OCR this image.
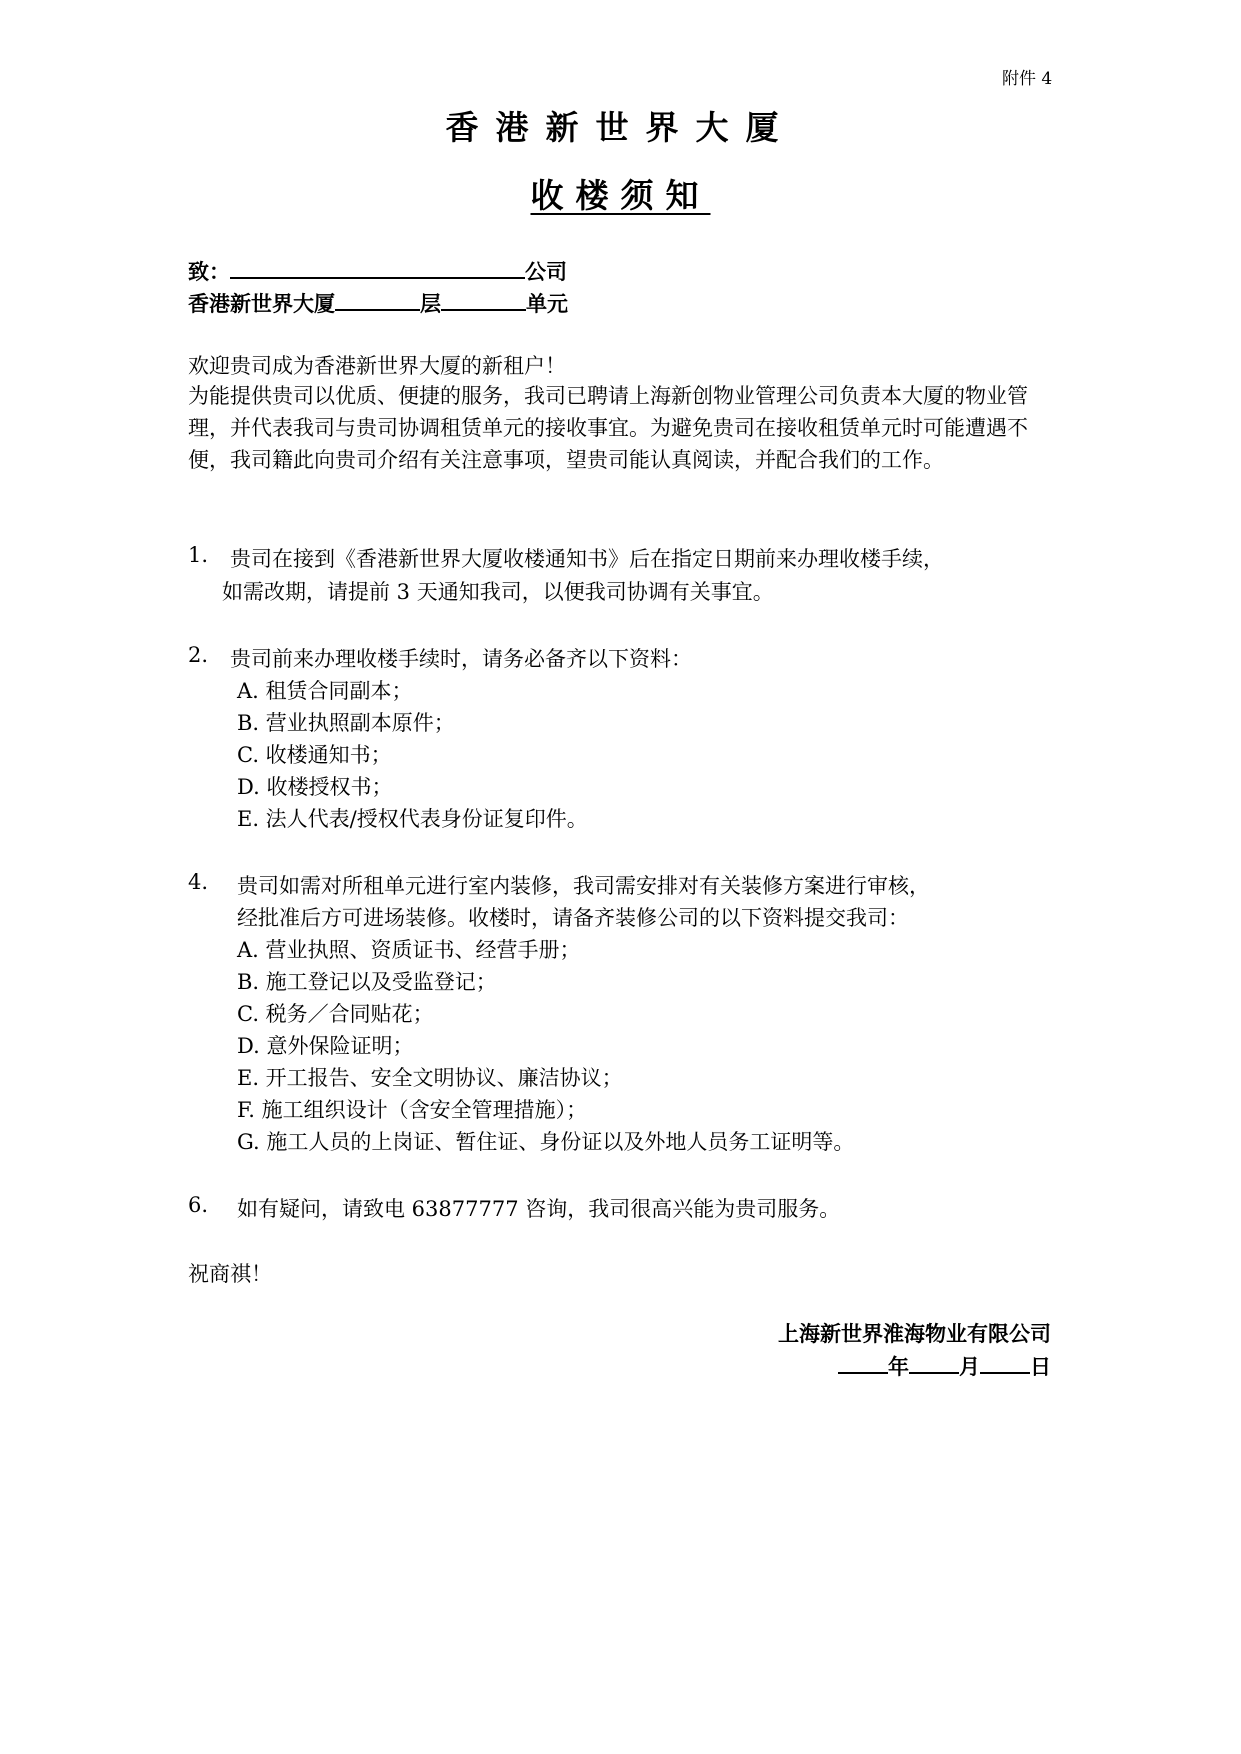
附件 4
香港新世界大厦
收楼须知
致：	公司
香港新世界大厦	层	单元
欢迎贵司成为香港新世界大厦的新租户！
为能提供贵司以优质、便捷的服务，我司已聘请上海新创物业管理公司负责本大厦的物业管理，并代表我司与贵司协调租赁单元的接收事宜。为避免贵司在接收租赁单元时可能遭遇不便，我司籍此向贵司介绍有关注意事项，望贵司能认真阅读，并配合我们的工作。
1. 贵司在接到《香港新世界大厦收楼通知书》后在指定日期前来办理收楼手续，
如需改期，请提前 3 天通知我司，以便我司协调有关事宜。
2. 贵司前来办理收楼手续时，请务必备齐以下资料：
A. 租赁合同副本；
B. 营业执照副本原件；
C. 收楼通知书；
D. 收楼授权书；
E. 法人代表/授权代表身份证复印件。
4. 贵司如需对所租单元进行室内装修，我司需安排对有关装修方案进行审核，
经批准后方可进场装修。收楼时，请备齐装修公司的以下资料提交我司：
A. 营业执照、资质证书、经营手册；
B. 施工登记以及受监登记；
C. 税务／合同贴花；
D. 意外保险证明；
E. 开工报告、安全文明协议、廉洁协议；
F. 施工组织设计（含安全管理措施）；
G. 施工人员的上岗证、暂住证、身份证以及外地人员务工证明等。
6. 如有疑问，请致电 63877777 咨询，我司很高兴能为贵司服务。
祝商祺！
上海新世界淮海物业有限公司
年 月 日
